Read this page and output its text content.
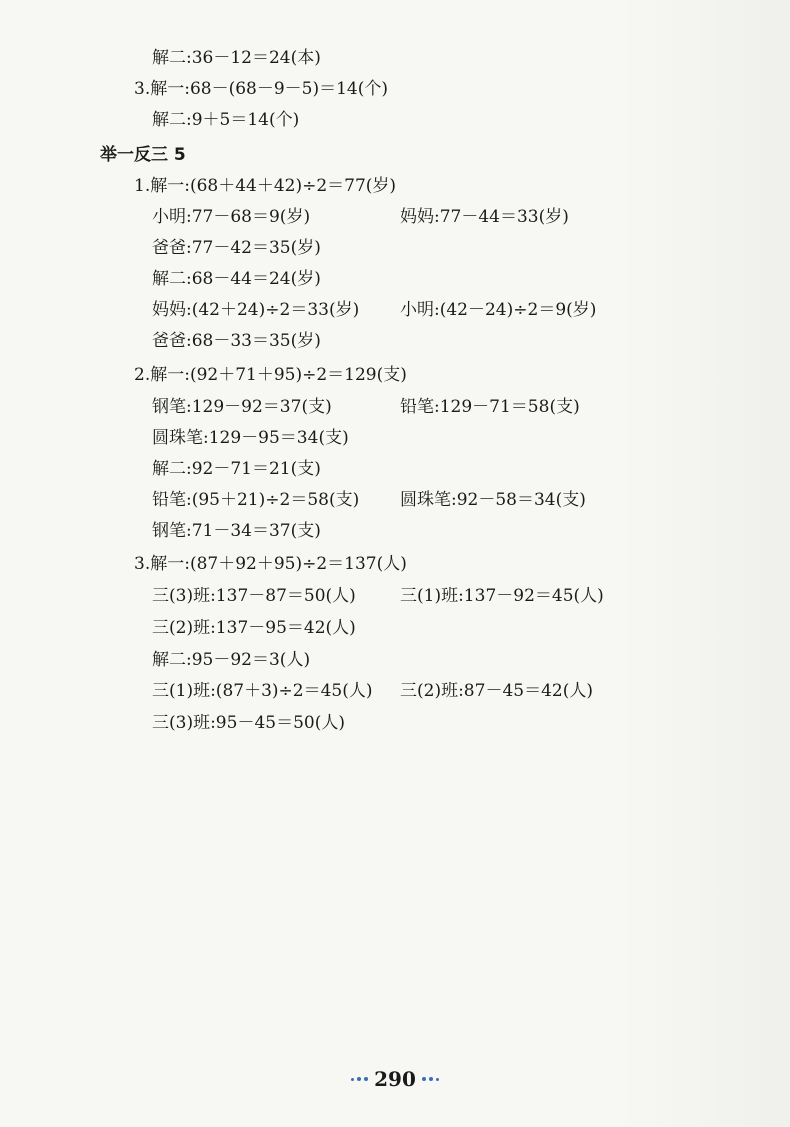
解二:36－12＝24(本)
3.解一:68－(68－9－5)＝14(个)
解二:9＋5＝14(个)
举一反三 5
1.解一:(68＋44＋42)÷2＝77(岁)
小明:77－68＝9(岁)	妈妈:77－44＝33(岁)
爸爸:77－42＝35(岁)
解二:68－44＝24(岁)
妈妈:(42＋24)÷2＝33(岁) 小明:(42－24)÷2＝9(岁)
爸爸:68－33＝35(岁)
2.解一:(92＋71＋95)÷2＝129(支)
钢笔:129－92＝37(支)	铅笔:129－71＝58(支)
圆珠笔:129－95＝34(支)
解二:92－71＝21(支)
铅笔:(95＋21)÷2＝58(支) 圆珠笔:92－58＝34(支)
钢笔:71－34＝37(支)
3.解一:(87＋92＋95)÷2＝137(人)
三(3)班:137－87＝50(人)	三(1)班:137－92＝45(人)
三(2)班:137－95＝42(人)
解二:95－92＝3(人)
三(1)班:(87＋3)÷2＝45(人) 三(2)班:87－45＝42(人)
三(3)班:95－45＝50(人)
290
